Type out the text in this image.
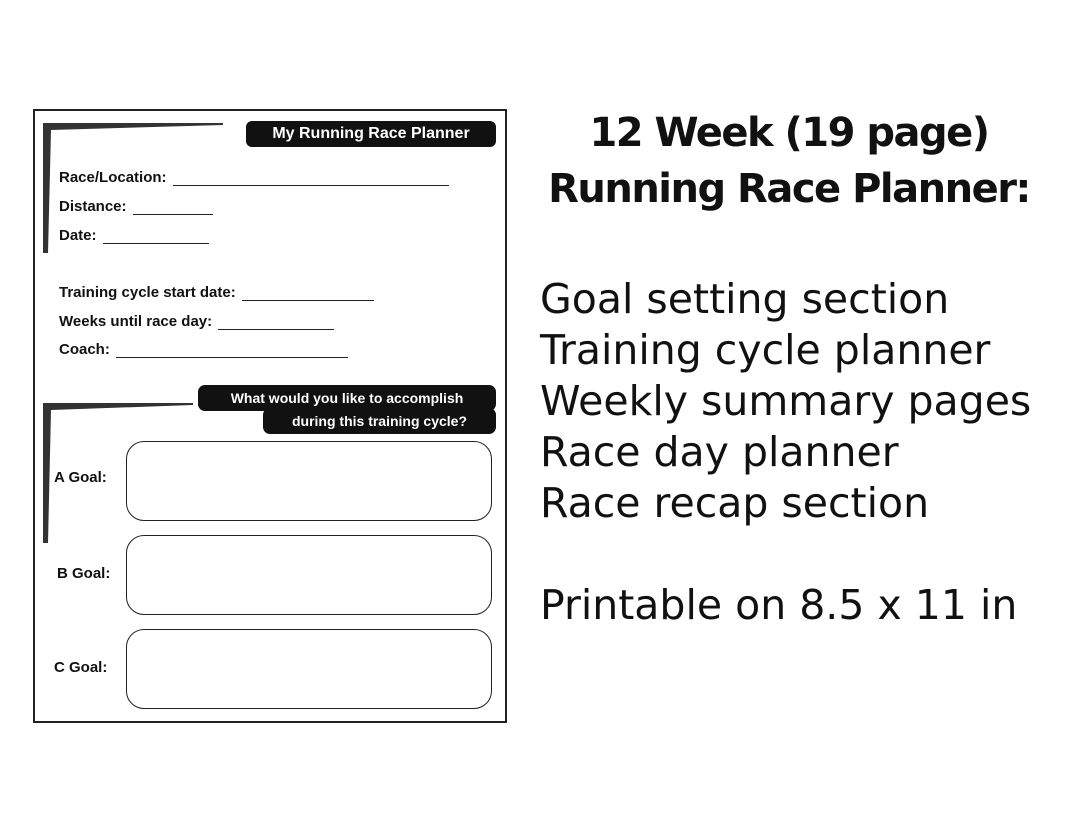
My Running Race Planner
Race/Location:
Distance:
Date:
Training cycle start date:
Weeks until race day:
Coach:
What would you like to accomplish
during this training cycle?
A Goal:
B Goal:
C Goal:
12 Week (19 page)
Running Race Planner:
Goal setting section
Training cycle planner
Weekly summary pages
Race day planner
Race recap section
Printable on 8.5 x 11 in
